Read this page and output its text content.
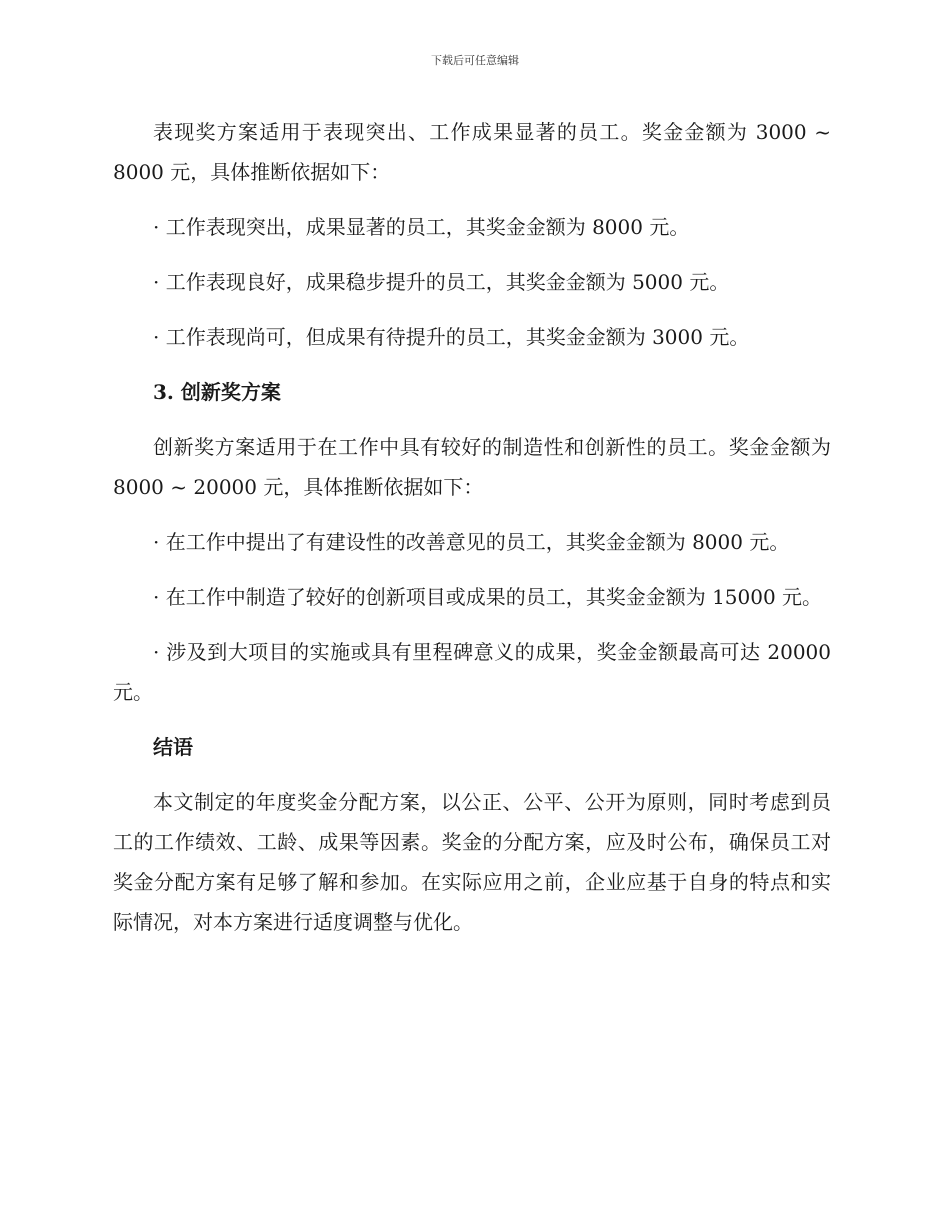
下载后可任意编辑

表现奖方案适用于表现突出、工作成果显著的员工。奖金金额为 3000 ~ 8000 元，具体推断依据如下：

· 工作表现突出，成果显著的员工，其奖金金额为 8000 元。

· 工作表现良好，成果稳步提升的员工，其奖金金额为 5000 元。

· 工作表现尚可，但成果有待提升的员工，其奖金金额为 3000 元。

3. 创新奖方案

创新奖方案适用于在工作中具有较好的制造性和创新性的员工。奖金金额为 8000 ~ 20000 元，具体推断依据如下：

· 在工作中提出了有建设性的改善意见的员工，其奖金金额为 8000 元。

· 在工作中制造了较好的创新项目或成果的员工，其奖金金额为 15000 元。

· 涉及到大项目的实施或具有里程碑意义的成果，奖金金额最高可达 20000 元。

结语

本文制定的年度奖金分配方案，以公正、公平、公开为原则，同时考虑到员工的工作绩效、工龄、成果等因素。奖金的分配方案，应及时公布，确保员工对奖金分配方案有足够了解和参加。在实际应用之前，企业应基于自身的特点和实际情况，对本方案进行适度调整与优化。
